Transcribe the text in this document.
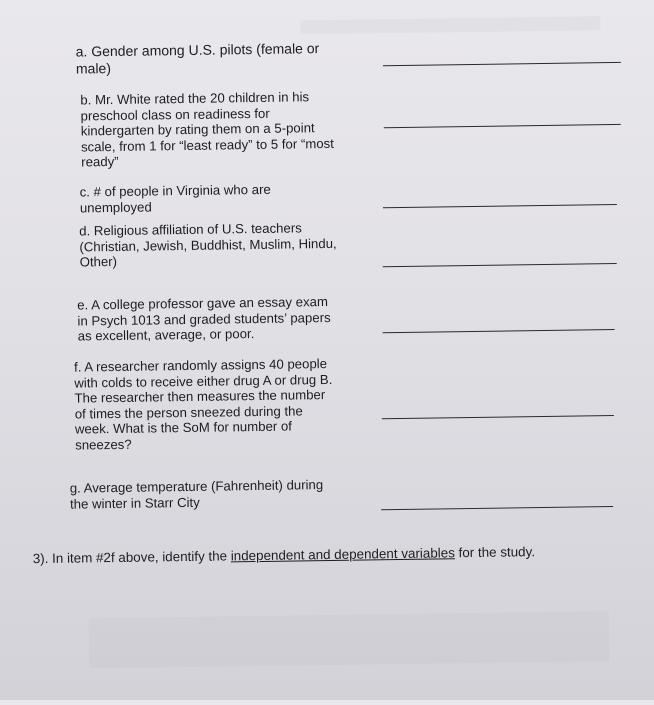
a. Gender among U.S. pilots (female or
male)
b. Mr. White rated the 20 children in his
preschool class on readiness for
kindergarten by rating them on a 5-point
scale, from 1 for “least ready” to 5 for “most
ready”
c. # of people in Virginia who are
unemployed
d. Religious affiliation of U.S. teachers
(Christian, Jewish, Buddhist, Muslim, Hindu,
Other)
e. A college professor gave an essay exam
in Psych 1013 and graded students’ papers
as excellent, average, or poor.
f. A researcher randomly assigns 40 people
with colds to receive either drug A or drug B.
The researcher then measures the number
of times the person sneezed during the
week. What is the SoM for number of
sneezes?
g. Average temperature (Fahrenheit) during
the winter in Starr City
3). In item #2f above, identify the independent and dependent variables for the study.
